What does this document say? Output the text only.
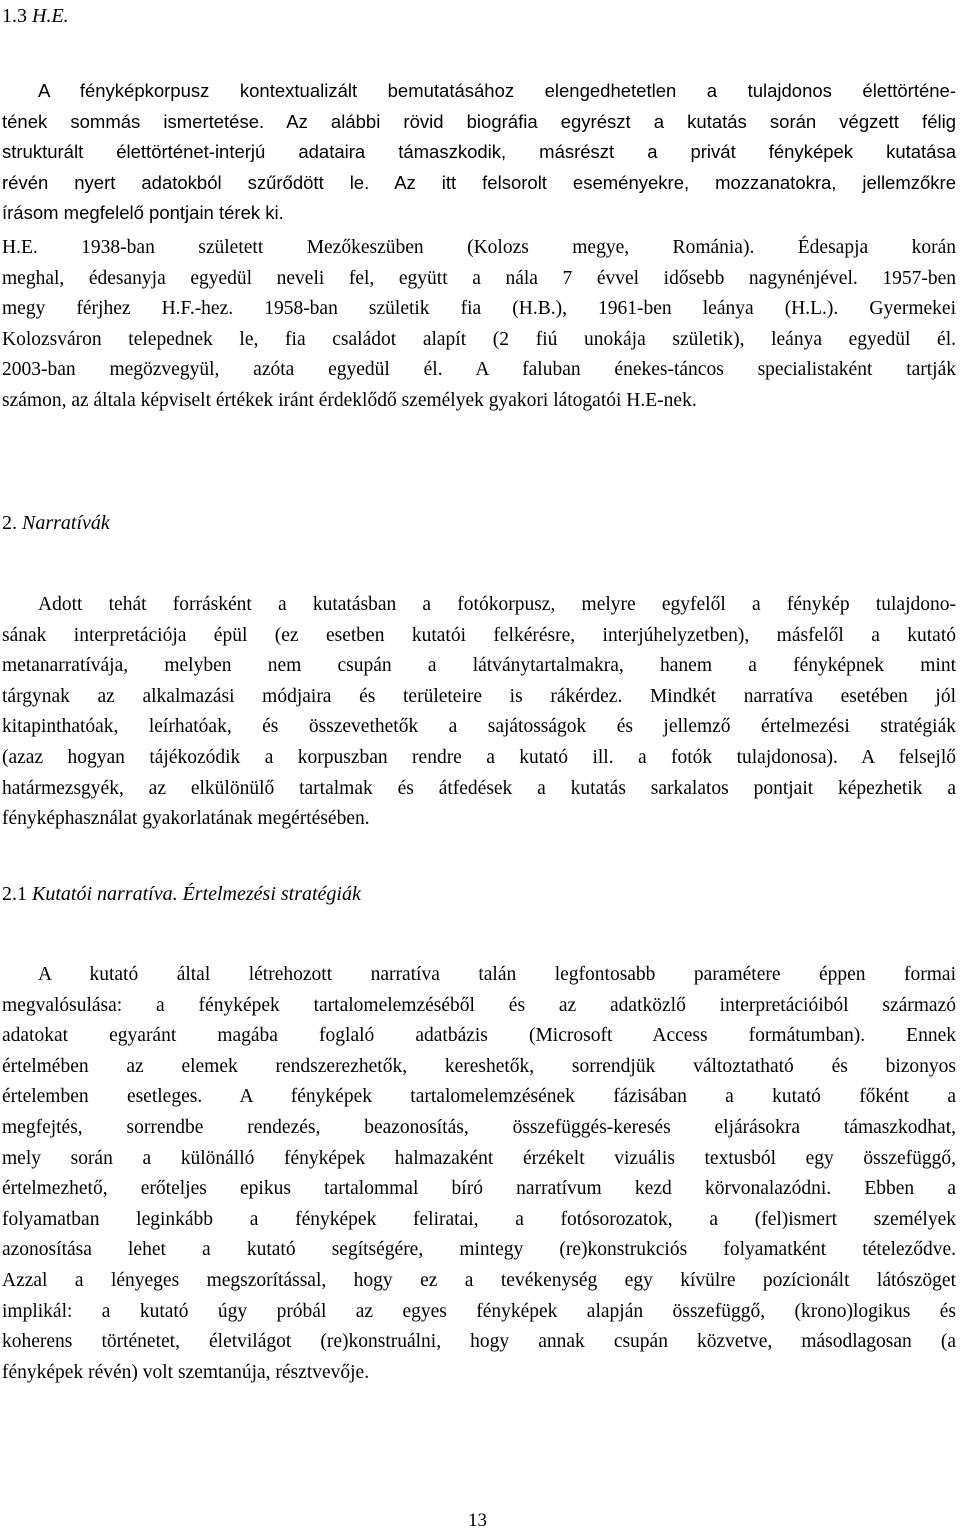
1.3 H.E.
A fényképkorpusz kontextualizált bemutatásához elengedhetetlen a tulajdonos élettörténe-
tének sommás ismertetése. Az alábbi rövid biográfia egyrészt a kutatás során végzett félig
strukturált élettörténet-interjú adataira támaszkodik, másrészt a privát fényképek kutatása
révén nyert adatokból szűrődött le. Az itt felsorolt eseményekre, mozzanatokra, jellemzőkre
írásom megfelelő pontjain térek ki.
H.E. 1938-ban született Mezőkeszüben (Kolozs megye, Románia). Édesapja korán
meghal, édesanyja egyedül neveli fel, együtt a nála 7 évvel idősebb nagynénjével. 1957-ben
megy férjhez H.F.-hez. 1958-ban születik fia (H.B.), 1961-ben leánya (H.L.). Gyermekei
Kolozsváron telepednek le, fia családot alapít (2 fiú unokája születik), leánya egyedül él.
2003-ban megözvegyül, azóta egyedül él. A faluban énekes-táncos specialistaként tartják
számon, az általa képviselt értékek iránt érdeklődő személyek gyakori látogatói H.E-nek.
2. Narratívák
Adott tehát forrásként a kutatásban a fotókorpusz, melyre egyfelől a fénykép tulajdono-
sának interpretációja épül (ez esetben kutatói felkérésre, interjúhelyzetben), másfelől a kutató
metanarratívája, melyben nem csupán a látványtartalmakra, hanem a fényképnek mint
tárgynak az alkalmazási módjaira és területeire is rákérdez. Mindkét narratíva esetében jól
kitapinthatóak, leírhatóak, és összevethetők a sajátosságok és jellemző értelmezési stratégiák
(azaz hogyan tájékozódik a korpuszban rendre a kutató ill. a fotók tulajdonosa). A felsejlő
határmezsgyék, az elkülönülő tartalmak és átfedések a kutatás sarkalatos pontjait képezhetik a
fényképhasználat gyakorlatának megértésében.
2.1 Kutatói narratíva. Értelmezési stratégiák
A kutató által létrehozott narratíva talán legfontosabb paramétere éppen formai
megvalósulása: a fényképek tartalomelemzéséből és az adatközlő interpretációiból származó
adatokat egyaránt magába foglaló adatbázis (Microsoft Access formátumban). Ennek
értelmében az elemek rendszerezhetők, kereshetők, sorrendjük változtatható és bizonyos
értelemben esetleges. A fényképek tartalomelemzésének fázisában a kutató főként a
megfejtés, sorrendbe rendezés, beazonosítás, összefüggés-keresés eljárásokra támaszkodhat,
mely során a különálló fényképek halmazaként érzékelt vizuális textusból egy összefüggő,
értelmezhető, erőteljes epikus tartalommal bíró narratívum kezd körvonalazódni. Ebben a
folyamatban leginkább a fényképek feliratai, a fotósorozatok, a (fel)ismert személyek
azonosítása lehet a kutató segítségére, mintegy (re)konstrukciós folyamatként tételeződve.
Azzal a lényeges megszorítással, hogy ez a tevékenység egy kívülre pozícionált látószöget
implikál: a kutató úgy próbál az egyes fényképek alapján összefüggő, (krono)logikus és
koherens történetet, életvilágot (re)konstruálni, hogy annak csupán közvetve, másodlagosan (a
fényképek révén) volt szemtanúja, résztvevője.
13
